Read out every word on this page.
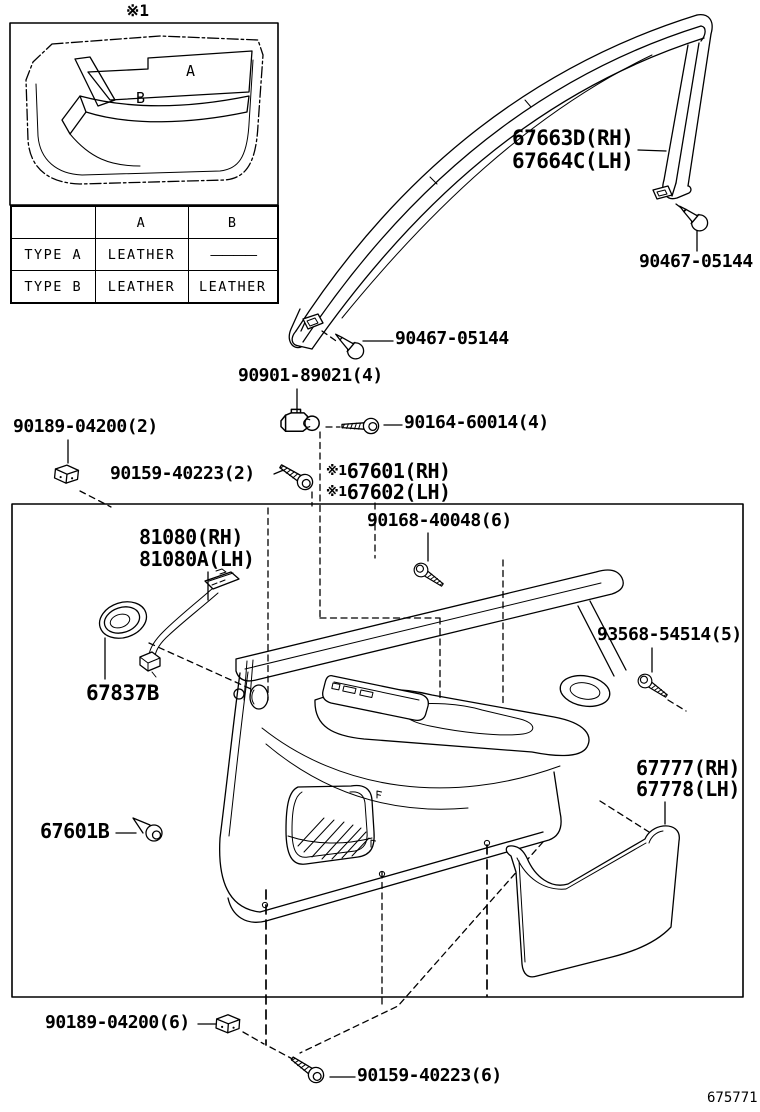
※1
A
B
	A	B
TYPE A	LEATHER	————
TYPE B	LEATHER	LEATHER
67663D(RH)
67664C(LH)
90467-05144
90467-05144
90901-89021(4)
90164-60014(4)
90189-04200(2)
90159-40223(2)	※167601(RH)
※167602(LH)
90168-40048(6)
81080(RH)
81080A(LH)
93568-54514(5)
67837B
67777(RH)
67778(LH)
67601B
90189-04200(6)
90159-40223(6)
675771
